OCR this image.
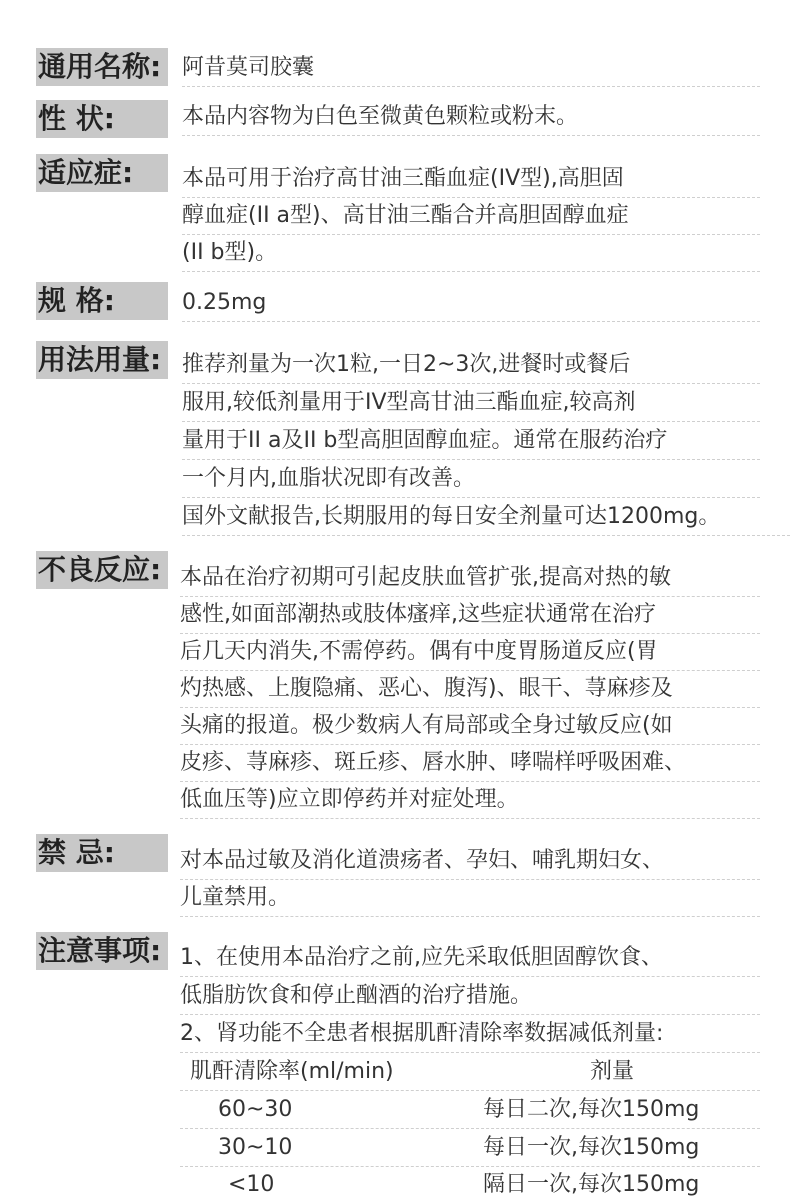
通用名称: 阿昔莫司胶囊
性 状:	本品内容物为白色至微黄色颗粒或粉末。
适应症:	本品可用于治疗高甘油三酯血症(IV型),高胆固
醇血症(II a型)、高甘油三酯合并高胆固醇血症
(II b型)。
规 格:	0.25mg
用法用量: 推荐剂量为一次1粒,一日2~3次,进餐时或餐后
服用,较低剂量用于IV型高甘油三酯血症,较高剂
量用于II a及II b型高胆固醇血症。通常在服药治疗
一个月内,血脂状况即有改善。
国外文献报告,长期服用的每日安全剂量可达1200mg。
不良反应: 本品在治疗初期可引起皮肤血管扩张,提高对热的敏
感性,如面部潮热或肢体瘙痒,这些症状通常在治疗
后几天内消失,不需停药。偶有中度胃肠道反应(胃
灼热感、上腹隐痛、恶心、腹泻)、眼干、荨麻疹及
头痛的报道。极少数病人有局部或全身过敏反应(如
皮疹、荨麻疹、斑丘疹、唇水肿、哮喘样呼吸困难、
低血压等)应立即停药并对症处理。
禁 忌:	对本品过敏及消化道溃疡者、孕妇、哺乳期妇女、
儿童禁用。
注意事项: 1、在使用本品治疗之前,应先采取低胆固醇饮食、
低脂肪饮食和停止酗酒的治疗措施。
2、肾功能不全患者根据肌酐清除率数据减低剂量:
肌酐清除率(ml/min)	剂量
60~30	每日二次,每次150mg
30~10	每日一次,每次150mg
<10	隔日一次,每次150mg
